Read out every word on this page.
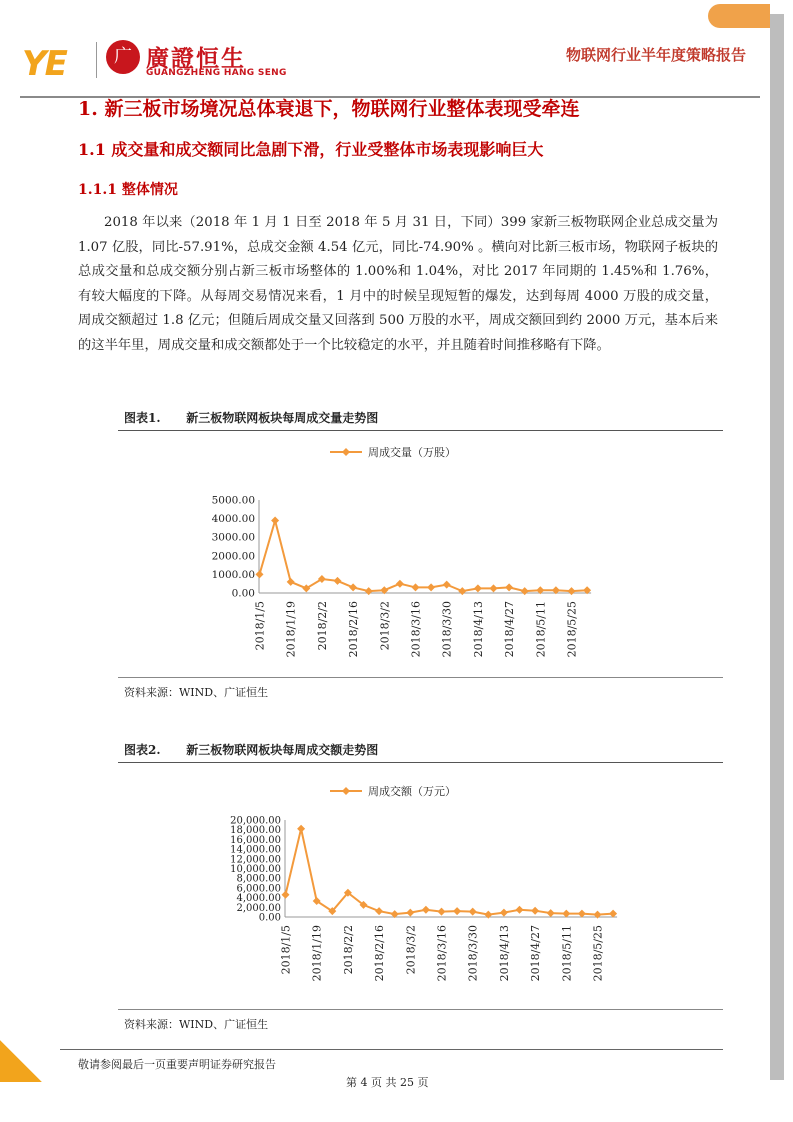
YE	广 廣證恒生
GUANGZHENG HANG SENG
物联网行业半年度策略报告
1. 新三板市场境况总体衰退下，物联网行业整体表现受牵连
1.1 成交量和成交额同比急剧下滑，行业受整体市场表现影响巨大
1.1.1 整体情况
2018 年以来（2018 年 1 月 1 日至 2018 年 5 月 31 日，下同）399 家新三板物联网企业总成交量为 1.07 亿股，同比-57.91%，总成交金额 4.54 亿元，同比-74.90% 。横向对比新三板市场，物联网子板块的总成交量和总成交额分别占新三板市场整体的 1.00%和 1.04%，对比 2017 年同期的 1.45%和 1.76%，有较大幅度的下降。从每周交易情况来看，1 月中的时候呈现短暂的爆发，达到每周 4000 万股的成交量，周成交额超过 1.8 亿元；但随后周成交量又回落到 500 万股的水平，周成交额回到约 2000 万元，基本后来的这半年里，周成交量和成交额都处于一个比较稳定的水平，并且随着时间推移略有下降。
图表1. 新三板物联网板块每周成交量走势图
周成交量（万股）
0.00
1000.00
2000.00
3000.00
4000.00
5000.00
2018/1/5 2018/1/19 2018/2/2 2018/2/16 2018/3/2 2018/3/16 2018/3/30 2018/4/13 2018/4/27 2018/5/11 2018/5/25
资料来源：WIND、广证恒生
图表2. 新三板物联网板块每周成交额走势图
周成交额（万元）
0.00
2,000.00
4,000.00
6,000.00
8,000.00
10,000.00
12,000.00
14,000.00
16,000.00
18,000.00
20,000.00
2018/1/5 2018/1/19 2018/2/2 2018/2/16 2018/3/2 2018/3/16 2018/3/30 2018/4/13 2018/4/27 2018/5/11 2018/5/25
资料来源：WIND、广证恒生
敬请参阅最后一页重要声明证券研究报告
第 4 页 共 25 页
